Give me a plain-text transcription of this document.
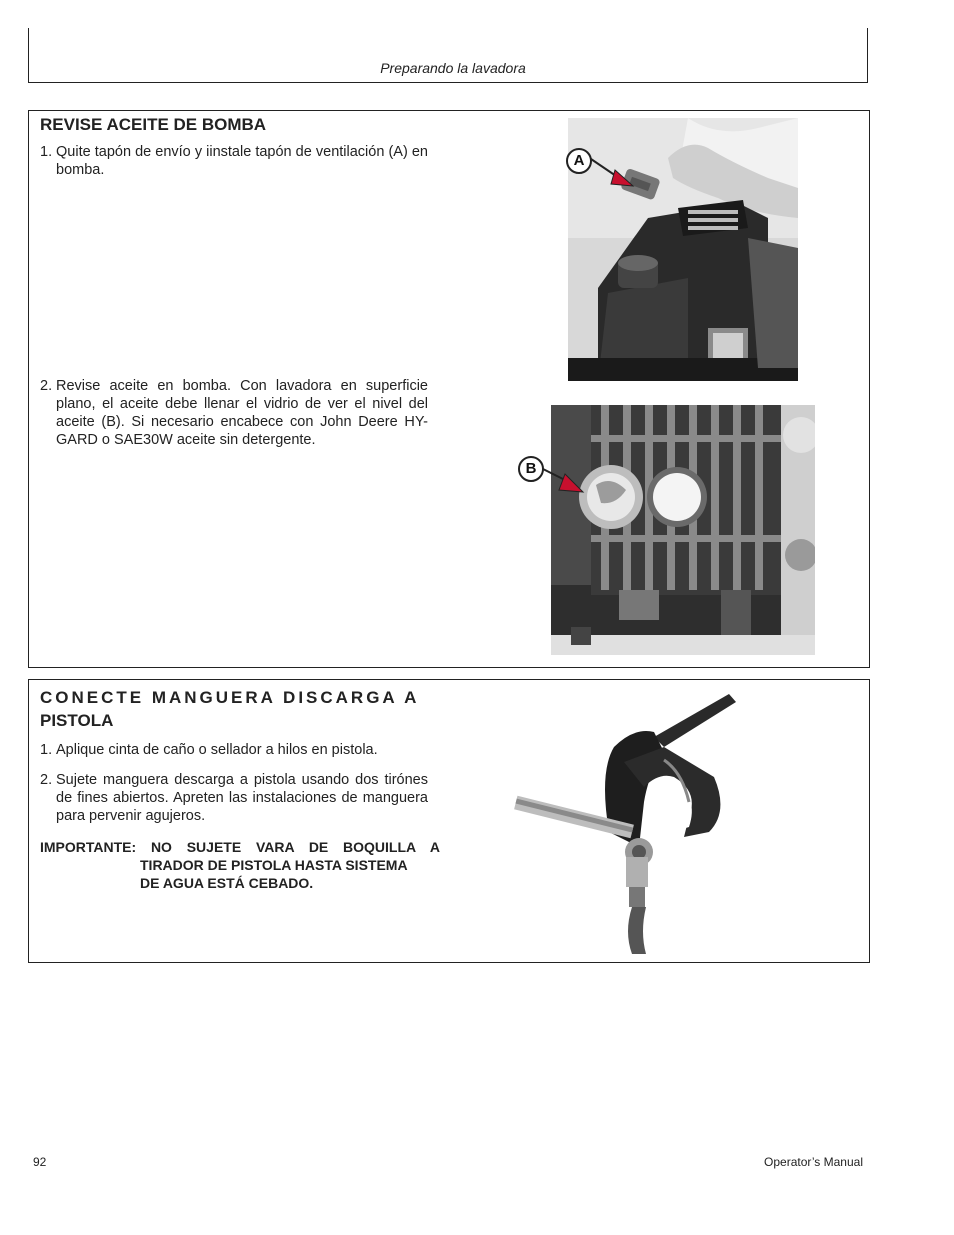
Preparando la lavadora
REVISE ACEITE DE BOMBA
1. Quite tapón de envío y iinstale tapón de ventilación (A) en bomba.
2. Revise aceite en bomba. Con lavadora en superficie plano, el aceite debe llenar el vidrio de ver el nivel del aceite (B). Si necesario encabece con John Deere HY-GARD o SAE30W aceite sin detergente.
A
B
CONECTE MANGUERA DISCARGA A
PISTOLA
1. Aplique cinta de caño o sellador a hilos en pistola.
2. Sujete manguera descarga a pistola usando dos tirónes de fines abiertos. Apreten las instalaciones de manguera para pervenir agujeros.
IMPORTANTE: NO SUJETE VARA DE BOQUILLA A
TIRADOR DE PISTOLA HASTA SISTEMA
DE AGUA ESTÁ CEBADO.
92	Operator’s Manual
